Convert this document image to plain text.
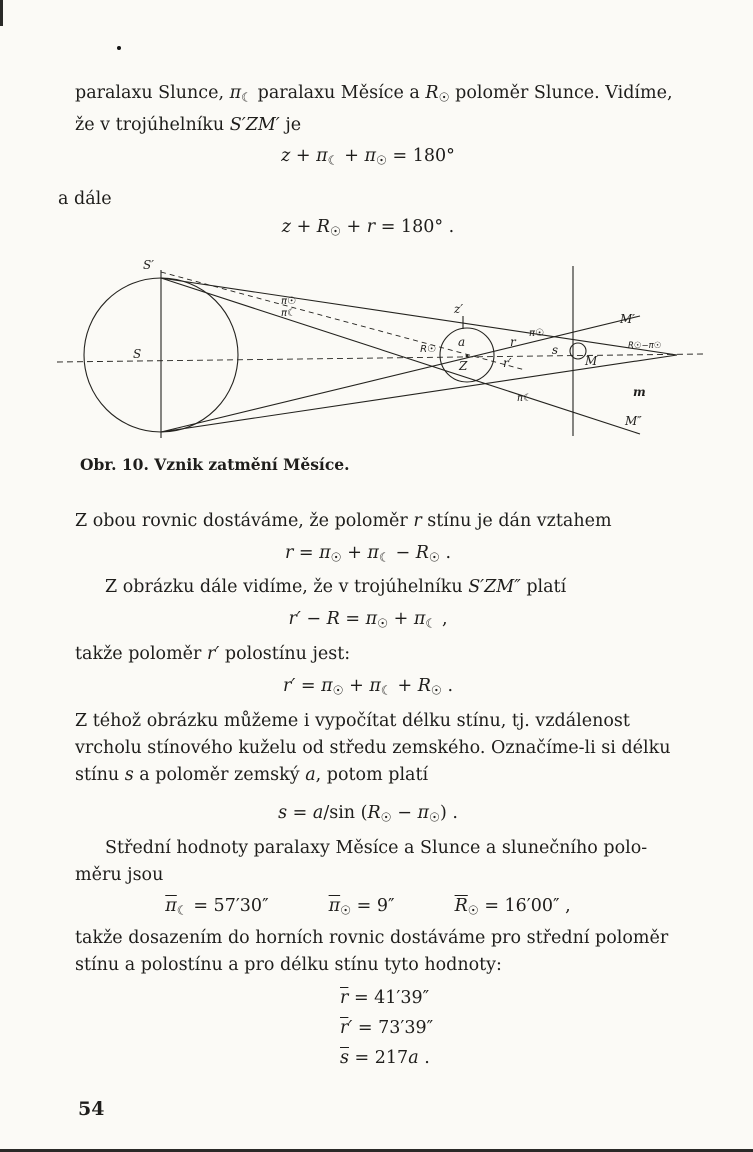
paralaxu Slunce, $\pi_☾$ paralaxu Měsíce a $R_☉$ poloměr Slunce. Vidíme,
že v trojúhelníku S′ZM′ je

$z + \pi_☾ + \pi_☉ = 180^\circ$

a dále

$z + R_☉ + r = 180^\circ$ .
S′
S
π☉
π☾	z′
a
Z
R☉
r
r′
π☉
π☾
M′
s
M
R☉−π☉
m
M″

Obr. 10. Vznik zatmění Měsíce.

Z obou rovnic dostáváme, že poloměr r stínu je dán vztahem

$r = \pi_☉ + \pi_☾ - R_☉$ .

Z obrázku dále vidíme, že v trojúhelníku S′ZM″ platí

$r' - R = \pi_☉ + \pi_☾$ ,

takže poloměr r′ polostínu jest:

$r' = \pi_☉ + \pi_☾ + R_☉$ .

Z téhož obrázku můžeme i vypočítat délku stínu, tj. vzdálenost
vrcholu stínového kuželu od středu zemského. Označíme-li si délku
stínu s a poloměr zemský a, potom platí

s = a/sin $(R_☉ - \pi_☉)$ .

Střední hodnoty paralaxy Měsíce a Slunce a slunečního polo-
měru jsou

$\overline{\pi}_☾ = 57'30''$	$\overline{\pi}_☉ = 9''$	$\overline{R}_☉ = 16'00''$ ,

takže dosazením do horních rovnic dostáváme pro střední poloměr
stínu a polostínu a pro délku stínu tyto hodnoty:

$\overline{r} = 41'39''$
$\overline{r}' = 73'39''$
$\overline{s} = 217a$ .
54
